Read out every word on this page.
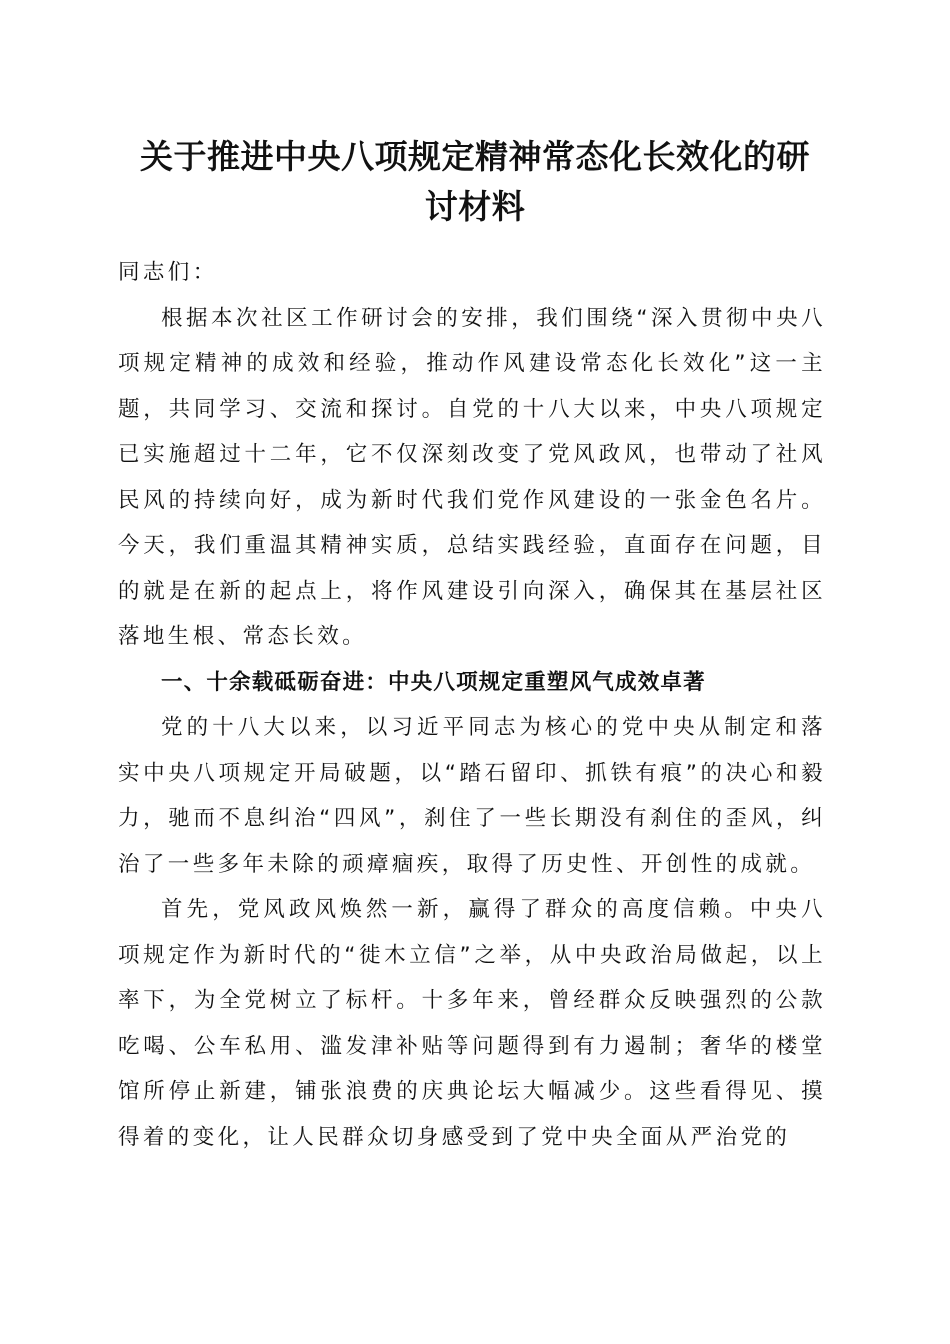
关于推进中央八项规定精神常态化长效化的研
讨材料

同志们：

根据本次社区工作研讨会的安排，我们围绕“深入贯彻中央八项规定精神的成效和经验，推动作风建设常态化长效化”这一主题，共同学习、交流和探讨。自党的十八大以来，中央八项规定已实施超过十二年，它不仅深刻改变了党风政风，也带动了社风民风的持续向好，成为新时代我们党作风建设的一张金色名片。今天，我们重温其精神实质，总结实践经验，直面存在问题，目的就是在新的起点上，将作风建设引向深入，确保其在基层社区落地生根、常态长效。

一、十余载砥砺奋进：中央八项规定重塑风气成效卓著

党的十八大以来，以习近平同志为核心的党中央从制定和落实中央八项规定开局破题，以“踏石留印、抓铁有痕”的决心和毅力，驰而不息纠治“四风”，刹住了一些长期没有刹住的歪风，纠治了一些多年未除的顽瘴痼疾，取得了历史性、开创性的成就。

首先，党风政风焕然一新，赢得了群众的高度信赖。中央八项规定作为新时代的“徙木立信”之举，从中央政治局做起，以上率下，为全党树立了标杆。十多年来，曾经群众反映强烈的公款吃喝、公车私用、滥发津补贴等问题得到有力遏制；奢华的楼堂馆所停止新建，铺张浪费的庆典论坛大幅减少。这些看得见、摸得着的变化，让人民群众切身感受到了党中央全面从严治党的
